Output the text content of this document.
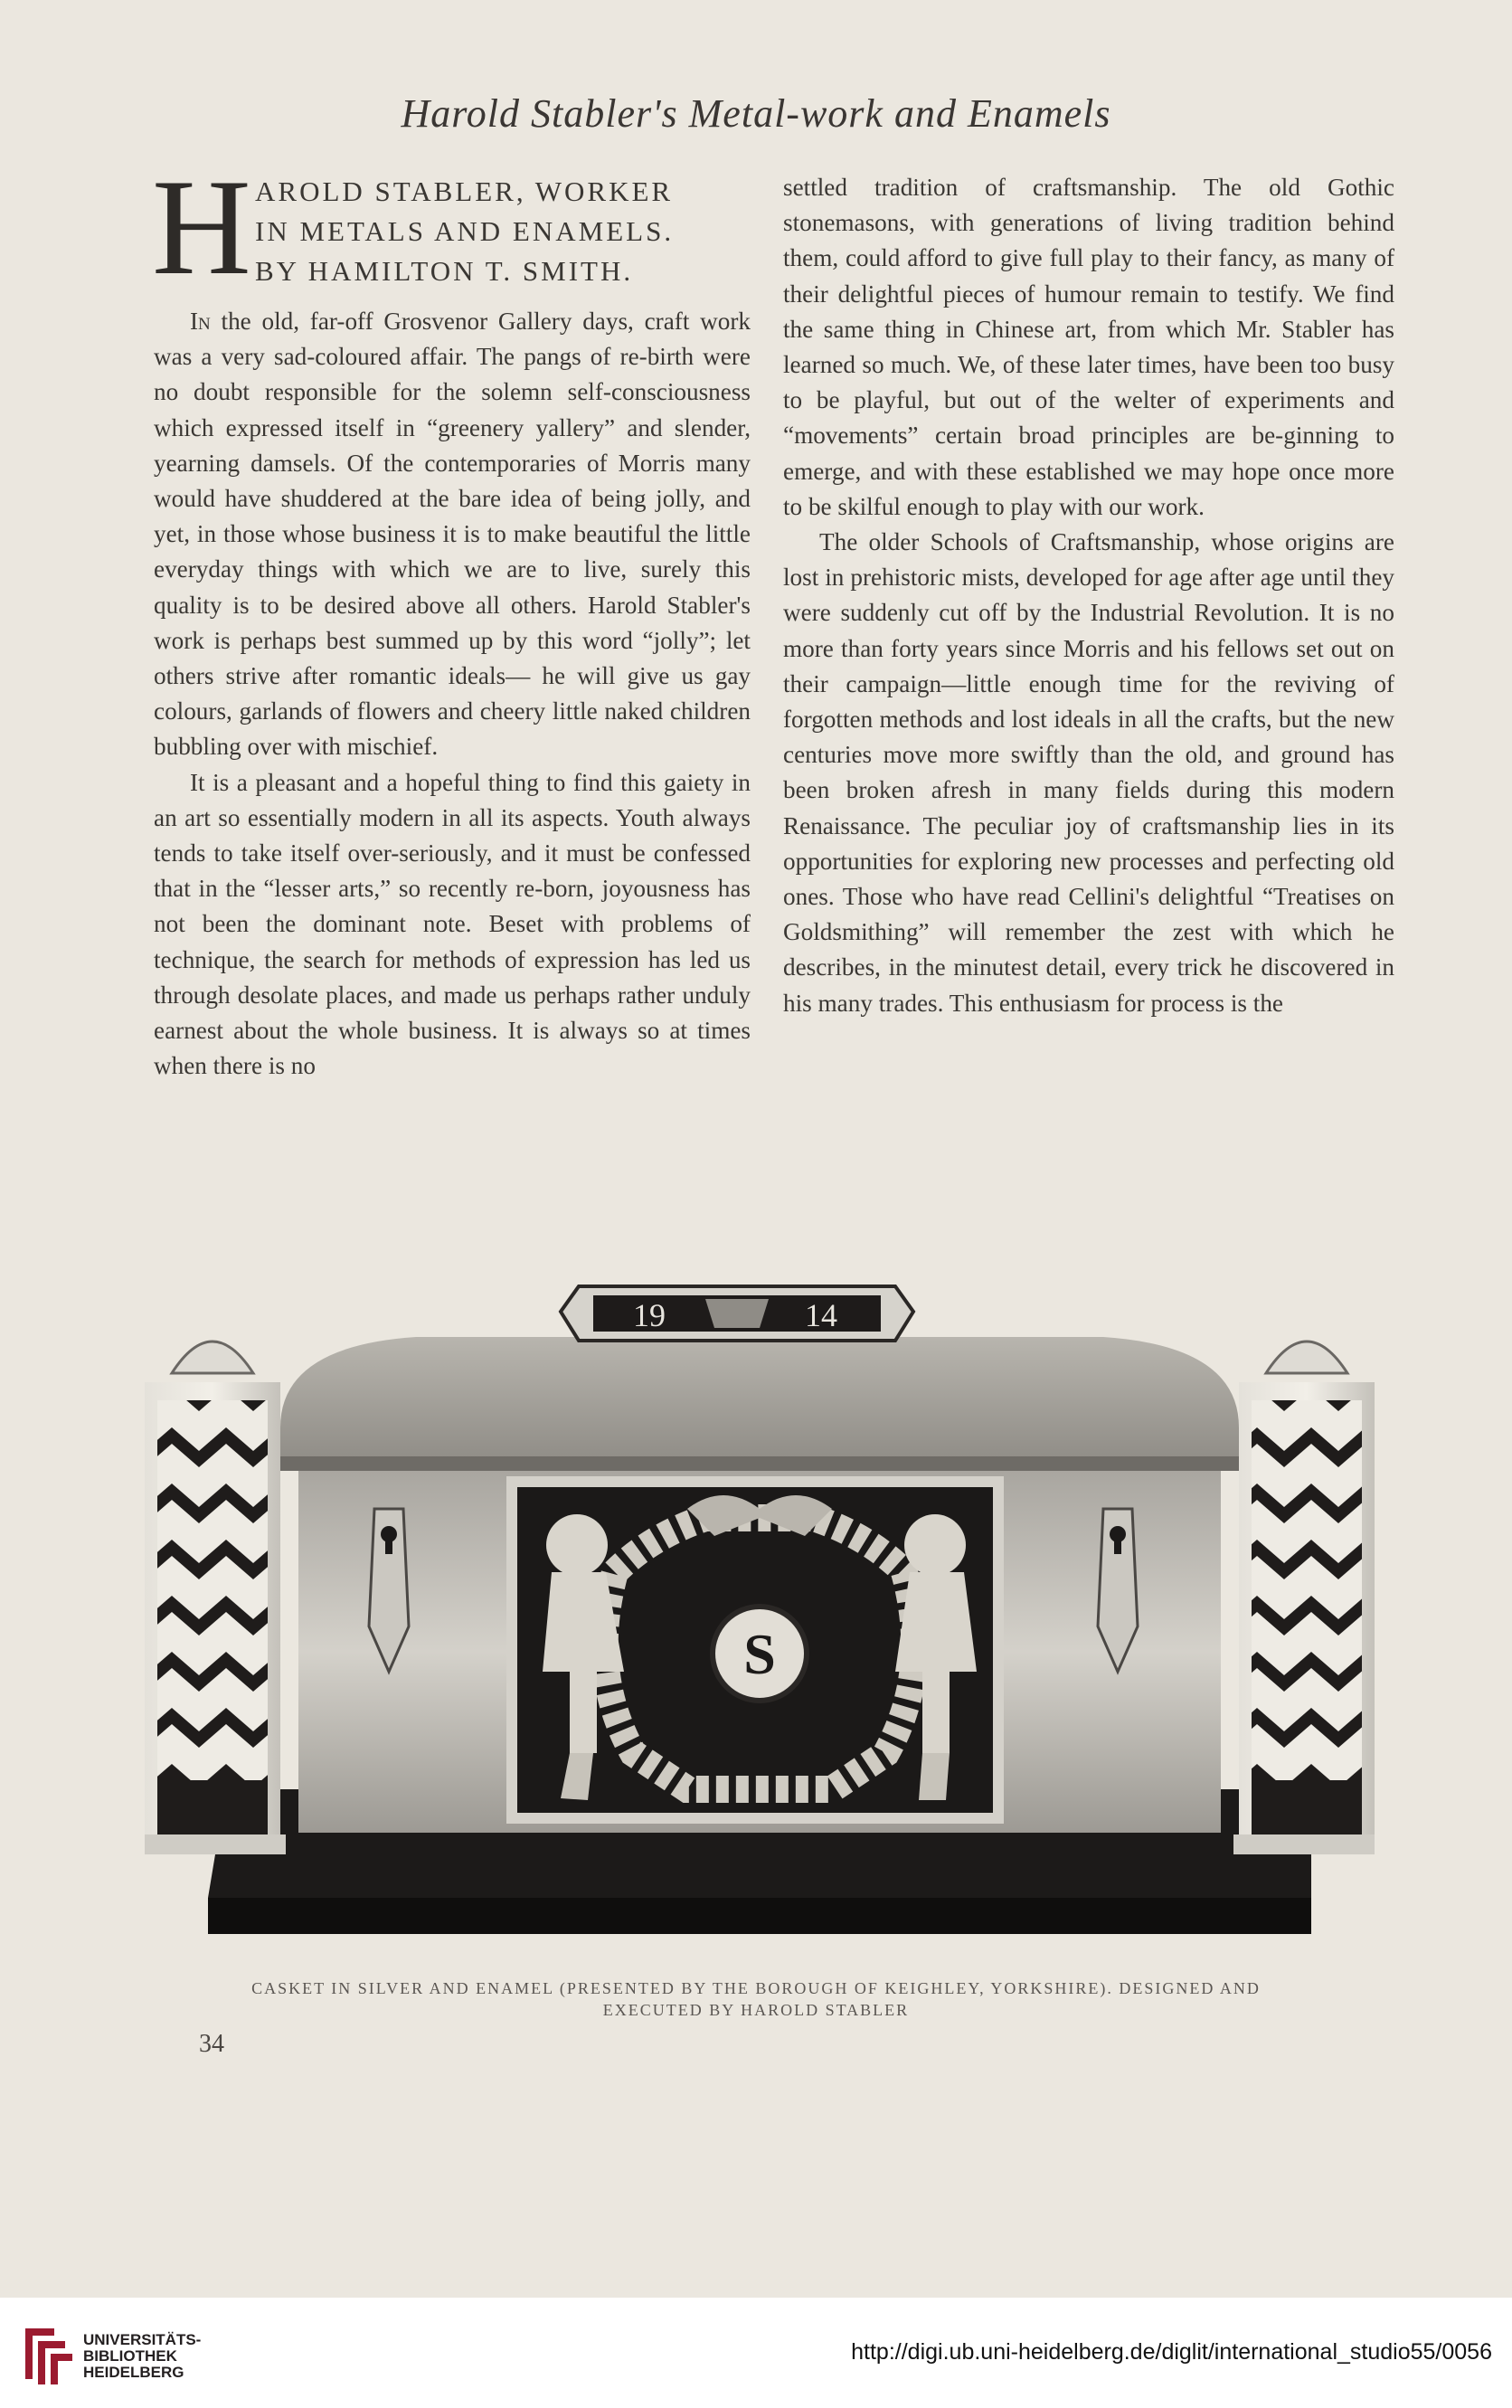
Harold Stabler's Metal-work and Enamels
H AROLD STABLER, WORKER
IN METALS AND ENAMELS.
BY HAMILTON T. SMITH.

In the old, far-off Grosvenor Gallery days, craft work was a very sad-coloured affair. The pangs of re-birth were no doubt responsible for the solemn self-consciousness which expressed itself in “greenery yallery” and slender, yearning damsels. Of the contemporaries of Morris many would have shuddered at the bare idea of being jolly, and yet, in those whose business it is to make beautiful the little everyday things with which we are to live, surely this quality is to be desired above all others. Harold Stabler's work is perhaps best summed up by this word “jolly”; let others strive after romantic ideals— he will give us gay colours, garlands of flowers and cheery little naked children bubbling over with mischief.

It is a pleasant and a hopeful thing to find this gaiety in an art so essentially modern in all its aspects. Youth always tends to take itself over-seriously, and it must be confessed that in the “lesser arts,” so recently re-born, joyousness has not been the dominant note. Beset with problems of technique, the search for methods of expression has led us through desolate places, and made us perhaps rather unduly earnest about the whole business. It is always so at times when there is no

settled tradition of craftsmanship. The old Gothic stonemasons, with generations of living tradition behind them, could afford to give full play to their fancy, as many of their delightful pieces of humour remain to testify. We find the same thing in Chinese art, from which Mr. Stabler has learned so much. We, of these later times, have been too busy to be playful, but out of the welter of experiments and “movements” certain broad principles are be-ginning to emerge, and with these established we may hope once more to be skilful enough to play with our work.

The older Schools of Craftsmanship, whose origins are lost in prehistoric mists, developed for age after age until they were suddenly cut off by the Industrial Revolution. It is no more than forty years since Morris and his fellows set out on their campaign—little enough time for the reviving of forgotten methods and lost ideals in all the crafts, but the new centuries move more swiftly than the old, and ground has been broken afresh in many fields during this modern Renaissance. The peculiar joy of craftsmanship lies in its opportunities for exploring new processes and perfecting old ones. Those who have read Cellini's delightful “Treatises on Goldsmithing” will remember the zest with which he describes, in the minutest detail, every trick he discovered in his many trades. This enthusiasm for process is the

19	14
S
CASKET IN SILVER AND ENAMEL (PRESENTED BY THE BOROUGH OF KEIGHLEY, YORKSHIRE). DESIGNED AND
EXECUTED BY HAROLD STABLER
34
UNIVERSITÄTS-
BIBLIOTHEK
HEIDELBERG
http://digi.ub.uni-heidelberg.de/diglit/international_studio55/0056
